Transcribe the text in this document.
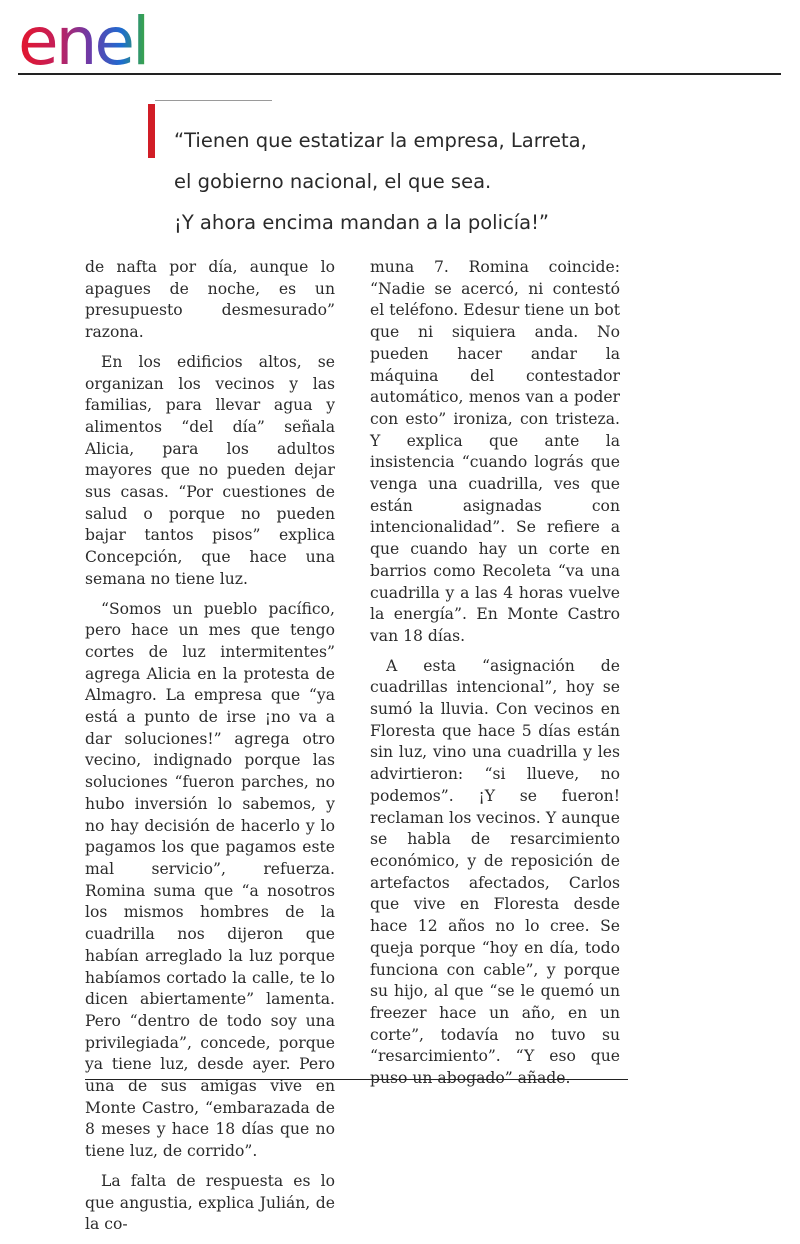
enel
“Tienen que estatizar la empresa, Larreta,
el gobierno nacional, el que sea.
¡Y ahora encima mandan a la policía!”

de nafta por día, aunque lo apagues de noche, es un presupuesto desmesurado” razona.

En los edificios altos, se organizan los vecinos y las familias, para llevar agua y alimentos “del día” señala Alicia, para los adultos mayores que no pueden dejar sus casas. “Por cuestiones de salud o porque no pueden bajar tantos pisos” explica Concepción, que hace una semana no tiene luz.

“Somos un pueblo pacífico, pero hace un mes que tengo cortes de luz intermitentes” agrega Alicia en la protesta de Almagro. La empresa que “ya está a punto de irse ¡no va a dar soluciones!” agrega otro vecino, indignado porque las soluciones “fueron parches, no hubo inversión lo sabemos, y no hay decisión de hacerlo y lo pagamos los que pagamos este mal servicio”, refuerza. Romina suma que “a nosotros los mismos hombres de la cuadrilla nos dijeron que habían arreglado la luz porque habíamos cortado la calle, te lo dicen abiertamente” lamenta. Pero “dentro de todo soy una privilegiada”, concede, porque ya tiene luz, desde ayer. Pero una de sus amigas vive en Monte Castro, “embarazada de 8 meses y hace 18 días que no tiene luz, de corrido”.

La falta de respuesta es lo que angustia, explica Julián, de la co-

muna 7. Romina coincide: “Nadie se acercó, ni contestó el teléfono. Edesur tiene un bot que ni siquiera anda. No pueden hacer andar la máquina del contestador automático, menos van a poder con esto” ironiza, con tristeza. Y explica que ante la insistencia “cuando lográs que venga una cuadrilla, ves que están asignadas con intencionalidad”. Se refiere a que cuando hay un corte en barrios como Recoleta “va una cuadrilla y a las 4 horas vuelve la energía”. En Monte Castro van 18 días.

A esta “asignación de cuadrillas intencional”, hoy se sumó la lluvia. Con vecinos en Floresta que hace 5 días están sin luz, vino una cuadrilla y les advirtieron: “si llueve, no podemos”. ¡Y se fueron! reclaman los vecinos. Y aunque se habla de resarcimiento económico, y de reposición de artefactos afectados, Carlos que vive en Floresta desde hace 12 años no lo cree. Se queja porque “hoy en día, todo funciona con cable”, y porque su hijo, al que “se le quemó un freezer hace un año, en un corte”, todavía no tuvo su “resarcimiento”. “Y eso que puso un abogado” añade.
